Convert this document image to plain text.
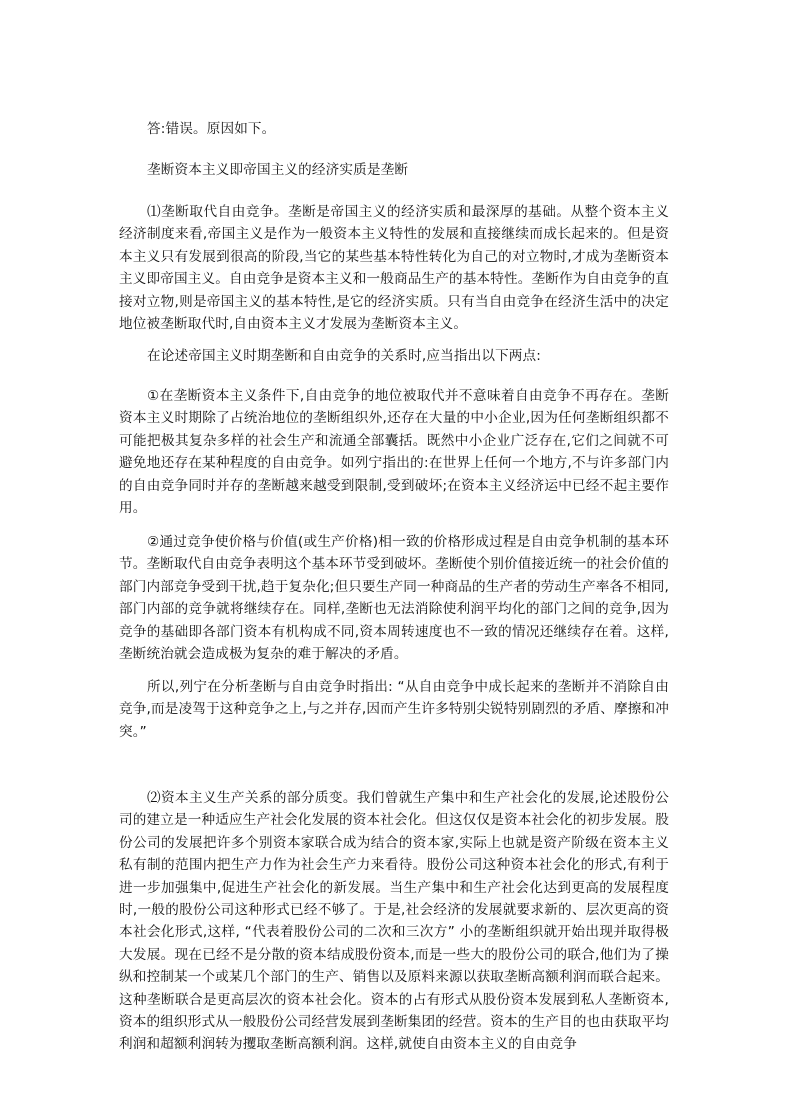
答:错误。原因如下。

垄断资本主义即帝国主义的经济实质是垄断

⑴垄断取代自由竞争。垄断是帝国主义的经济实质和最深厚的基础。从整个资本主义经济制度来看,帝国主义是作为一般资本主义特性的发展和直接继续而成长起来的。但是资本主义只有发展到很高的阶段,当它的某些基本特性转化为自己的对立物时,才成为垄断资本主义即帝国主义。自由竞争是资本主义和一般商品生产的基本特性。垄断作为自由竞争的直接对立物,则是帝国主义的基本特性,是它的经济实质。只有当自由竞争在经济生活中的决定地位被垄断取代时,自由资本主义才发展为垄断资本主义。

在论述帝国主义时期垄断和自由竞争的关系时,应当指出以下两点:

①在垄断资本主义条件下,自由竞争的地位被取代并不意味着自由竞争不再存在。垄断资本主义时期除了占统治地位的垄断组织外,还存在大量的中小企业,因为任何垄断组织都不可能把极其复杂多样的社会生产和流通全部囊括。既然中小企业广泛存在,它们之间就不可避免地还存在某种程度的自由竞争。如列宁指出的:在世界上任何一个地方,不与许多部门内的自由竞争同时并存的垄断越来越受到限制,受到破坏;在资本主义经济运中已经不起主要作用。

②通过竞争使价格与价值(或生产价格)相一致的价格形成过程是自由竞争机制的基本环节。垄断取代自由竞争表明这个基本环节受到破坏。垄断使个别价值接近统一的社会价值的部门内部竞争受到干扰,趋于复杂化;但只要生产同一种商品的生产者的劳动生产率各不相同,部门内部的竞争就将继续存在。同样,垄断也无法消除使利润平均化的部门之间的竞争,因为竞争的基础即各部门资本有机构成不同,资本周转速度也不一致的情况还继续存在着。这样,垄断统治就会造成极为复杂的难于解决的矛盾。

所以,列宁在分析垄断与自由竞争时指出: “从自由竞争中成长起来的垄断并不消除自由竞争,而是凌驾于这种竞争之上,与之并存,因而产生许多特别尖锐特别剧烈的矛盾、摩擦和冲突。”

⑵资本主义生产关系的部分质变。我们曾就生产集中和生产社会化的发展,论述股份公司的建立是一种适应生产社会化发展的资本社会化。但这仅仅是资本社会化的初步发展。股份公司的发展把许多个别资本家联合成为结合的资本家,实际上也就是资产阶级在资本主义私有制的范围内把生产力作为社会生产力来看待。股份公司这种资本社会化的形式,有利于进一步加强集中,促进生产社会化的新发展。当生产集中和生产社会化达到更高的发展程度时,一般的股份公司这种形式已经不够了。于是,社会经济的发展就要求新的、层次更高的资本社会化形式,这样, “代表着股份公司的二次和三次方” 小的垄断组织就开始出现并取得极大发展。现在已经不是分散的资本结成股份资本,而是一些大的股份公司的联合,他们为了操纵和控制某一个或某几个部门的生产、销售以及原料来源以获取垄断高额利润而联合起来。这种垄断联合是更高层次的资本社会化。资本的占有形式从股份资本发展到私人垄断资本,资本的组织形式从一般股份公司经营发展到垄断集团的经营。资本的生产目的也由获取平均利润和超额利润转为攫取垄断高额利润。这样,就使自由资本主义的自由竞争
